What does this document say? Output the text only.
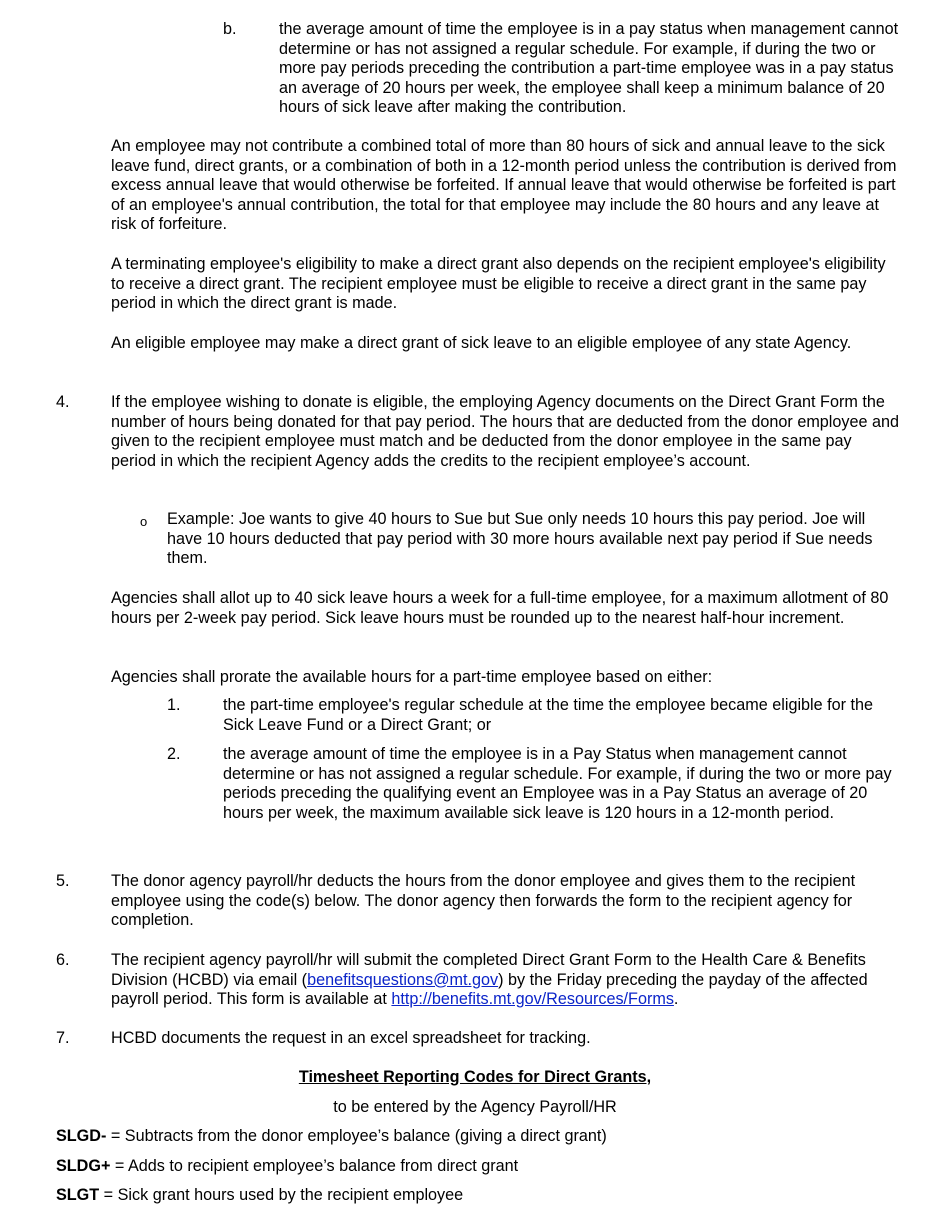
b.	the average amount of time the employee is in a pay status when management cannot determine or has not assigned a regular schedule. For example, if during the two or more pay periods preceding the contribution a part-time employee was in a pay status an average of 20 hours per week, the employee shall keep a minimum balance of 20 hours of sick leave after making the contribution.

An employee may not contribute a combined total of more than 80 hours of sick and annual leave to the sick leave fund, direct grants, or a combination of both in a 12-month period unless the contribution is derived from excess annual leave that would otherwise be forfeited. If annual leave that would otherwise be forfeited is part of an employee's annual contribution, the total for that employee may include the 80 hours and any leave at risk of forfeiture.

A terminating employee's eligibility to make a direct grant also depends on the recipient employee's eligibility to receive a direct grant. The recipient employee must be eligible to receive a direct grant in the same pay period in which the direct grant is made.

An eligible employee may make a direct grant of sick leave to an eligible employee of any state Agency.

4.	If the employee wishing to donate is eligible, the employing Agency documents on the Direct Grant Form the number of hours being donated for that pay period. The hours that are deducted from the donor employee and given to the recipient employee must match and be deducted from the donor employee in the same pay period in which the recipient Agency adds the credits to the recipient employee’s account.

o Example: Joe wants to give 40 hours to Sue but Sue only needs 10 hours this pay period. Joe will have 10 hours deducted that pay period with 30 more hours available next pay period if Sue needs them.

Agencies shall allot up to 40 sick leave hours a week for a full-time employee, for a maximum allotment of 80 hours per 2-week pay period. Sick leave hours must be rounded up to the nearest half-hour increment.

Agencies shall prorate the available hours for a part-time employee based on either:

1.	the part-time employee's regular schedule at the time the employee became eligible for the Sick Leave Fund or a Direct Grant; or

2.	the average amount of time the employee is in a Pay Status when management cannot determine or has not assigned a regular schedule. For example, if during the two or more pay periods preceding the qualifying event an Employee was in a Pay Status an average of 20 hours per week, the maximum available sick leave is 120 hours in a 12-month period.

5.	The donor agency payroll/hr deducts the hours from the donor employee and gives them to the recipient employee using the code(s) below. The donor agency then forwards the form to the recipient agency for completion.

6.	The recipient agency payroll/hr will submit the completed Direct Grant Form to the Health Care & Benefits Division (HCBD) via email (benefitsquestions@mt.gov) by the Friday preceding the payday of the affected payroll period. This form is available at http://benefits.mt.gov/Resources/Forms.

7.	HCBD documents the request in an excel spreadsheet for tracking.

Timesheet Reporting Codes for Direct Grants,

to be entered by the Agency Payroll/HR

SLGD- = Subtracts from the donor employee’s balance (giving a direct grant)

SLDG+ = Adds to recipient employee’s balance from direct grant

SLGT = Sick grant hours used by the recipient employee
